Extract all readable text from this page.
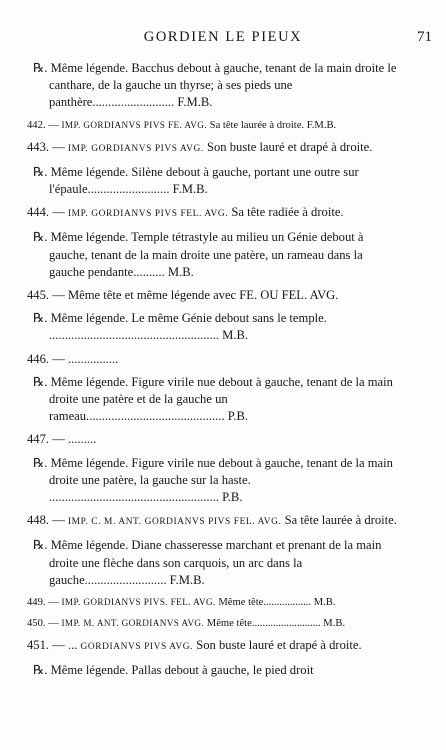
GORDIEN LE PIEUX	71

℞. Même légende. Bacchus debout à gauche, tenant de la main droite le canthare, de la gauche un thyrse; à ses pieds une panthère.......................... F.M.B.

442. — IMP. GORDIANVS PIVS FE. AVG. Sa tête laurée à droite. F.M.B.

443. — IMP. GORDIANVS PIVS AVG. Son buste lauré et drapé à droite.

℞. Même légende. Silène debout à gauche, portant une outre sur l'épaule.......................... F.M.B.

444. — IMP. GORDIANVS PIVS FEL. AVG. Sa tête radiée à droite.

℞. Même légende. Temple tétrastyle au milieu un Génie debout à gauche, tenant de la main droite une patère, un rameau dans la gauche pendante.......... M.B.

445. — Même tête et même légende avec FE. OU FEL. AVG.

℞. Même légende. Le même Génie debout sans le temple. ...................................................... M.B.

446. — ................

℞. Même légende. Figure virile nue debout à gauche, tenant de la main droite une patère et de la gauche un rameau............................................ P.B.

447. — .........

℞. Même légende. Figure virile nue debout à gauche, tenant de la main droite une patère, la gauche sur la haste. ...................................................... P.B.

448. — IMP. C. M. ANT. GORDIANVS PIVS FEL. AVG. Sa tête laurée à droite.

℞. Même légende. Diane chasseresse marchant et prenant de la main droite une flèche dans son carquois, un arc dans la gauche.......................... F.M.B.

449. — IMP. GORDIANVS PIVS. FEL. AVG. Même tête.................. M.B.

450. — IMP. M. ANT. GORDIANVS AVG. Même tête.......................... M.B.

451. — ... GORDIANVS PIVS AVG. Son buste lauré et drapé à droite.

℞. Même légende. Pallas debout à gauche, le pied droit
